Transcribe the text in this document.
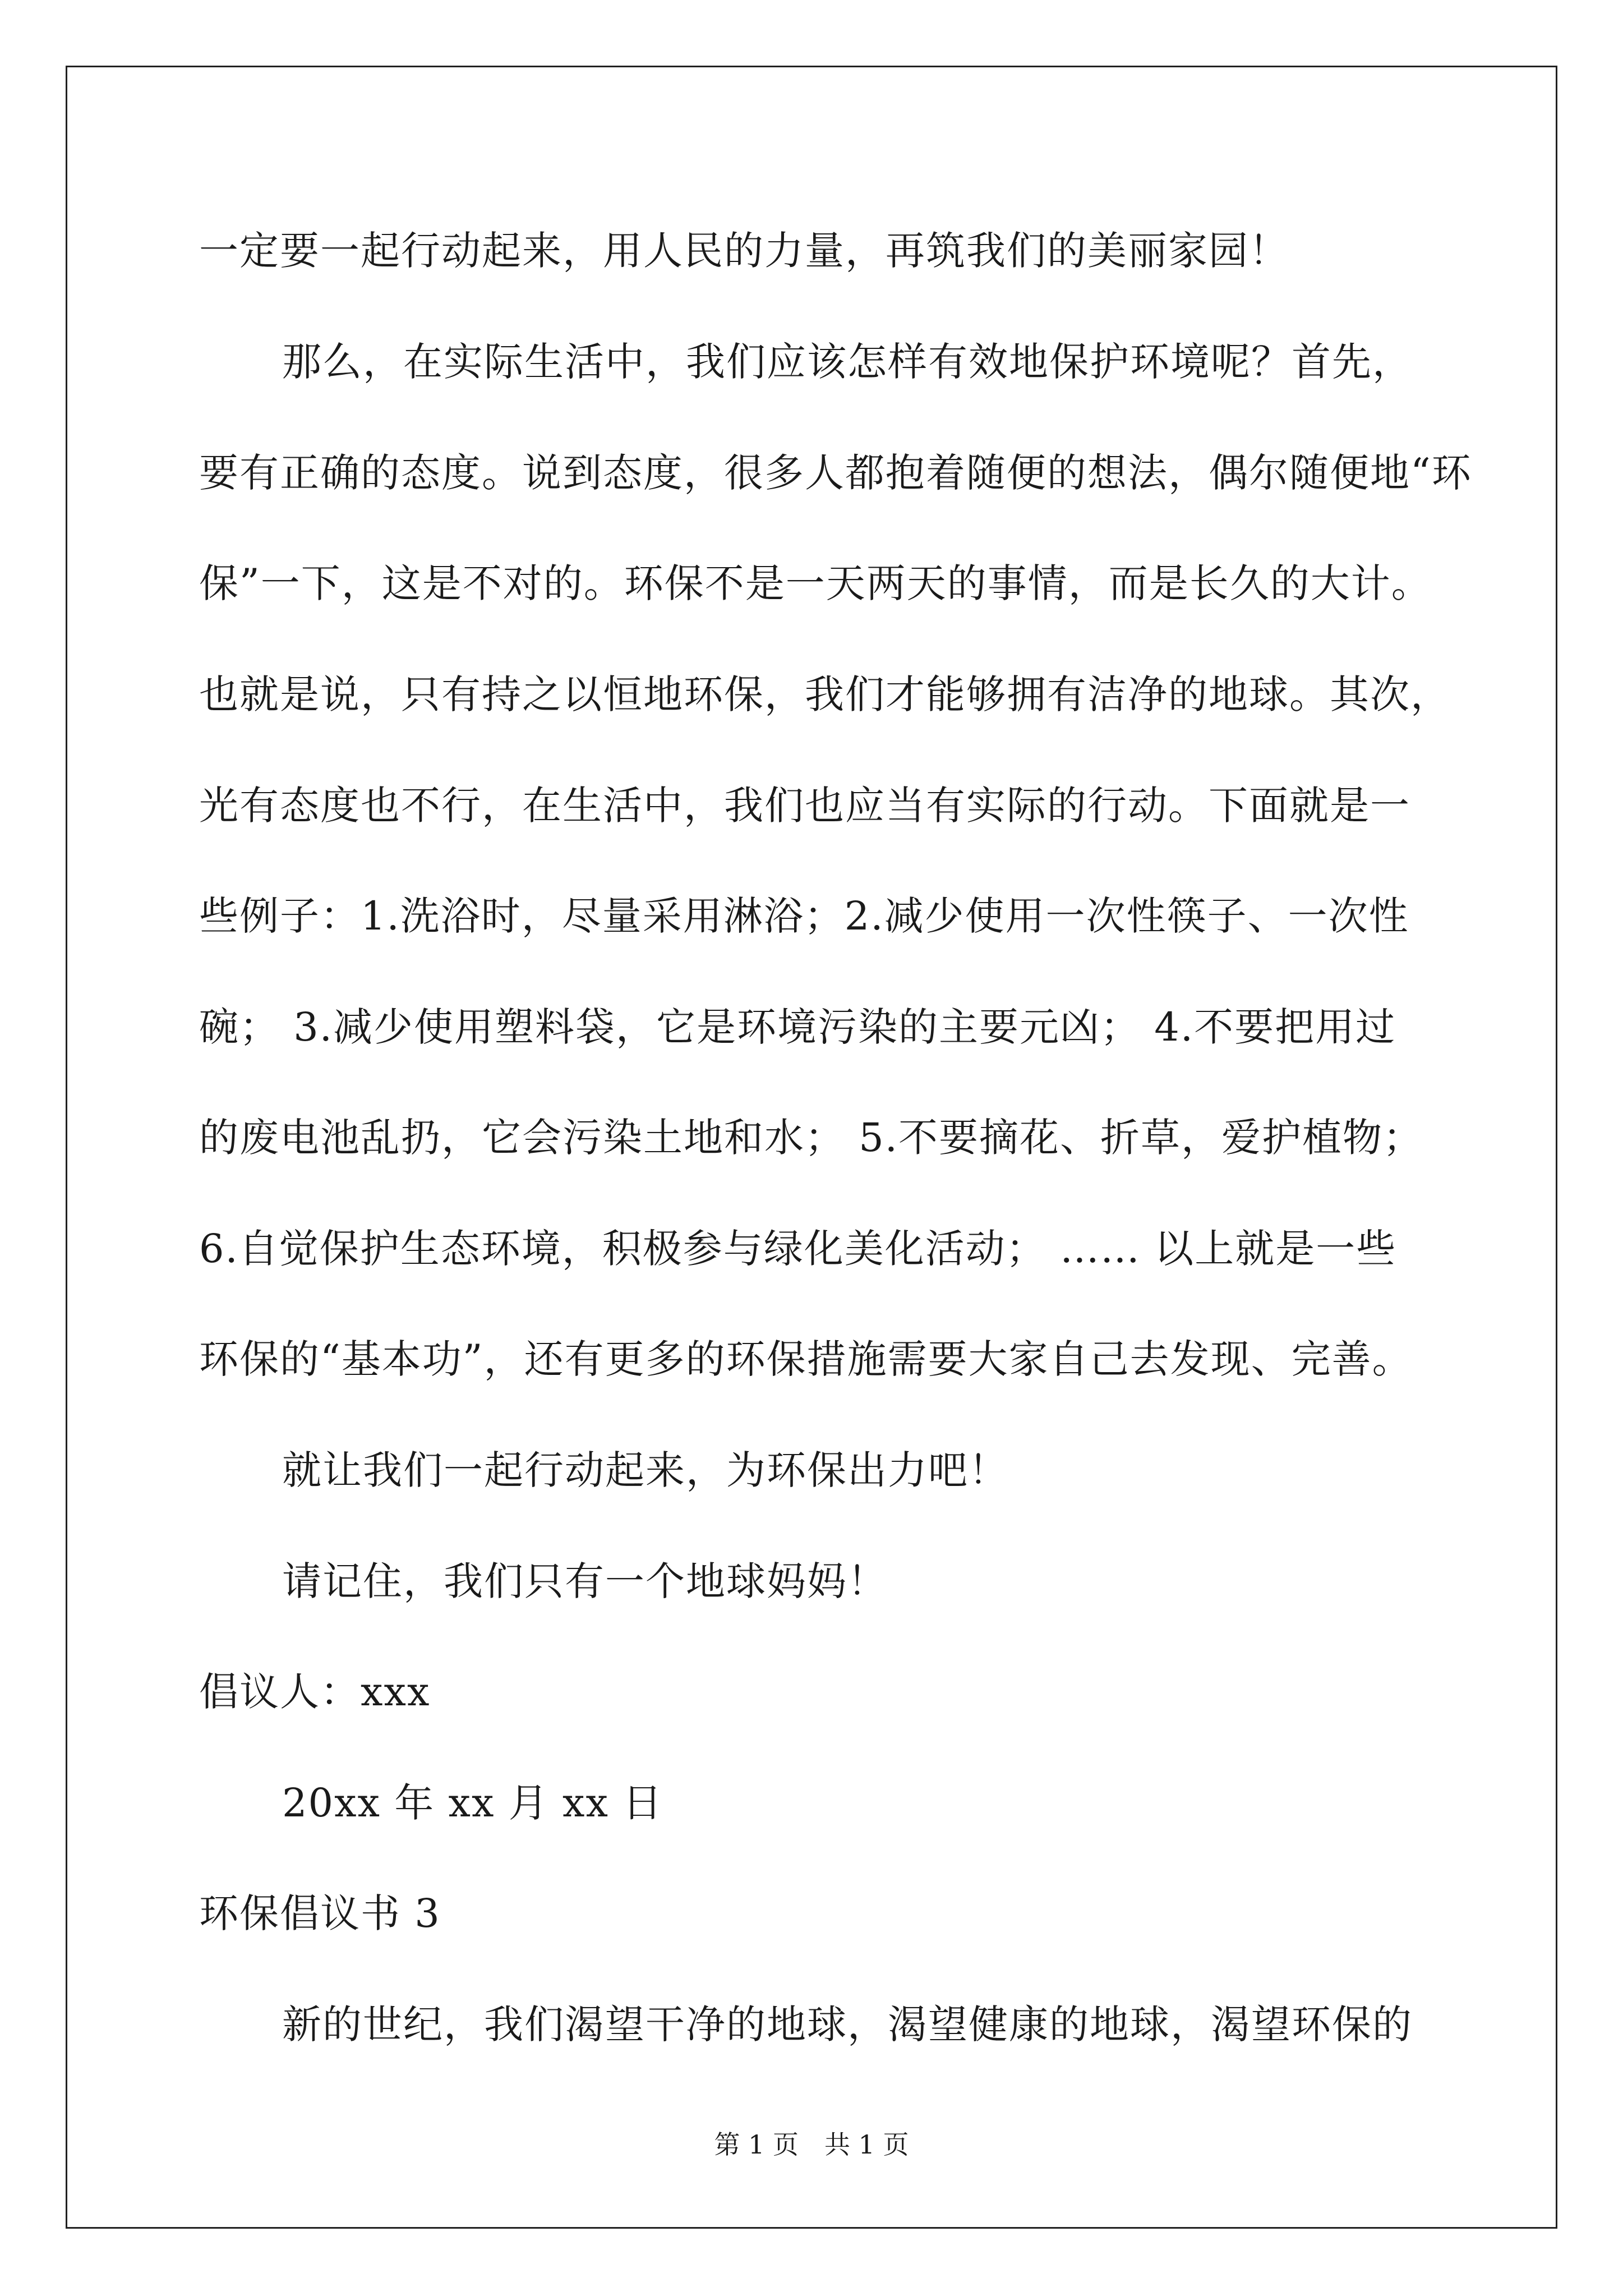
一定要一起行动起来，用人民的力量，再筑我们的美丽家园！
那么，在实际生活中，我们应该怎样有效地保护环境呢？首先，
要有正确的态度。说到态度，很多人都抱着随便的想法，偶尔随便地“环
保”一下，这是不对的。环保不是一天两天的事情，而是长久的大计。
也就是说，只有持之以恒地环保，我们才能够拥有洁净的地球。其次，
光有态度也不行，在生活中，我们也应当有实际的行动。下面就是一
些例子：1.洗浴时，尽量采用淋浴；2.减少使用一次性筷子、一次性
碗； 3.减少使用塑料袋，它是环境污染的主要元凶； 4.不要把用过
的废电池乱扔，它会污染土地和水； 5.不要摘花、折草，爱护植物；
6.自觉保护生态环境，积极参与绿化美化活动； …… 以上就是一些
环保的“基本功”，还有更多的环保措施需要大家自己去发现、完善。
就让我们一起行动起来，为环保出力吧！
请记住，我们只有一个地球妈妈！
倡议人：xxx
20xx 年 xx 月 xx 日
环保倡议书 3
新的世纪，我们渴望干净的地球，渴望健康的地球，渴望环保的
第 1 页　共 1 页
